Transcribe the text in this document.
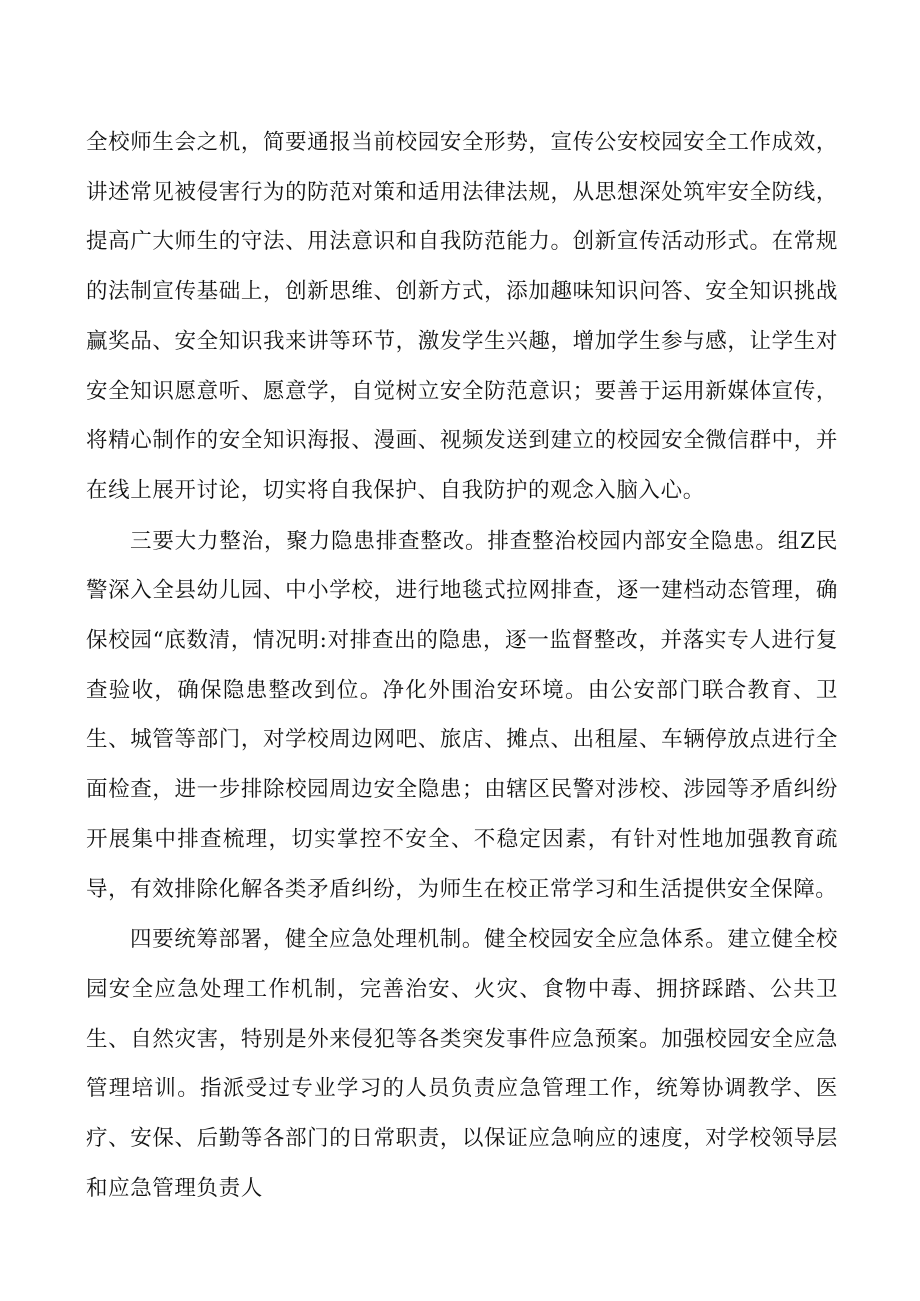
全校师生会之机，简要通报当前校园安全形势，宣传公安校园安全工作成效，讲述常见被侵害行为的防范对策和适用法律法规，从思想深处筑牢安全防线，提高广大师生的守法、用法意识和自我防范能力。创新宣传活动形式。在常规的法制宣传基础上，创新思维、创新方式，添加趣味知识问答、安全知识挑战赢奖品、安全知识我来讲等环节，激发学生兴趣，增加学生参与感，让学生对安全知识愿意听、愿意学，自觉树立安全防范意识；要善于运用新媒体宣传，将精心制作的安全知识海报、漫画、视频发送到建立的校园安全微信群中，并在线上展开讨论，切实将自我保护、自我防护的观念入脑入心。

三要大力整治，聚力隐患排查整改。排查整治校园内部安全隐患。组Z民警深入全县幼儿园、中小学校，进行地毯式拉网排查，逐一建档动态管理，确保校园“底数清，情况明:对排查出的隐患，逐一监督整改，并落实专人进行复查验收，确保隐患整改到位。净化外围治安环境。由公安部门联合教育、卫生、城管等部门，对学校周边网吧、旅店、摊点、出租屋、车辆停放点进行全面检查，进一步排除校园周边安全隐患；由辖区民警对涉校、涉园等矛盾纠纷开展集中排查梳理，切实掌控不安全、不稳定因素，有针对性地加强教育疏导，有效排除化解各类矛盾纠纷，为师生在校正常学习和生活提供安全保障。

四要统筹部署，健全应急处理机制。健全校园安全应急体系。建立健全校园安全应急处理工作机制，完善治安、火灾、食物中毒、拥挤踩踏、公共卫生、自然灾害，特别是外来侵犯等各类突发事件应急预案。加强校园安全应急管理培训。指派受过专业学习的人员负责应急管理工作，统筹协调教学、医疗、安保、后勤等各部门的日常职责，以保证应急响应的速度，对学校领导层和应急管理负责人
